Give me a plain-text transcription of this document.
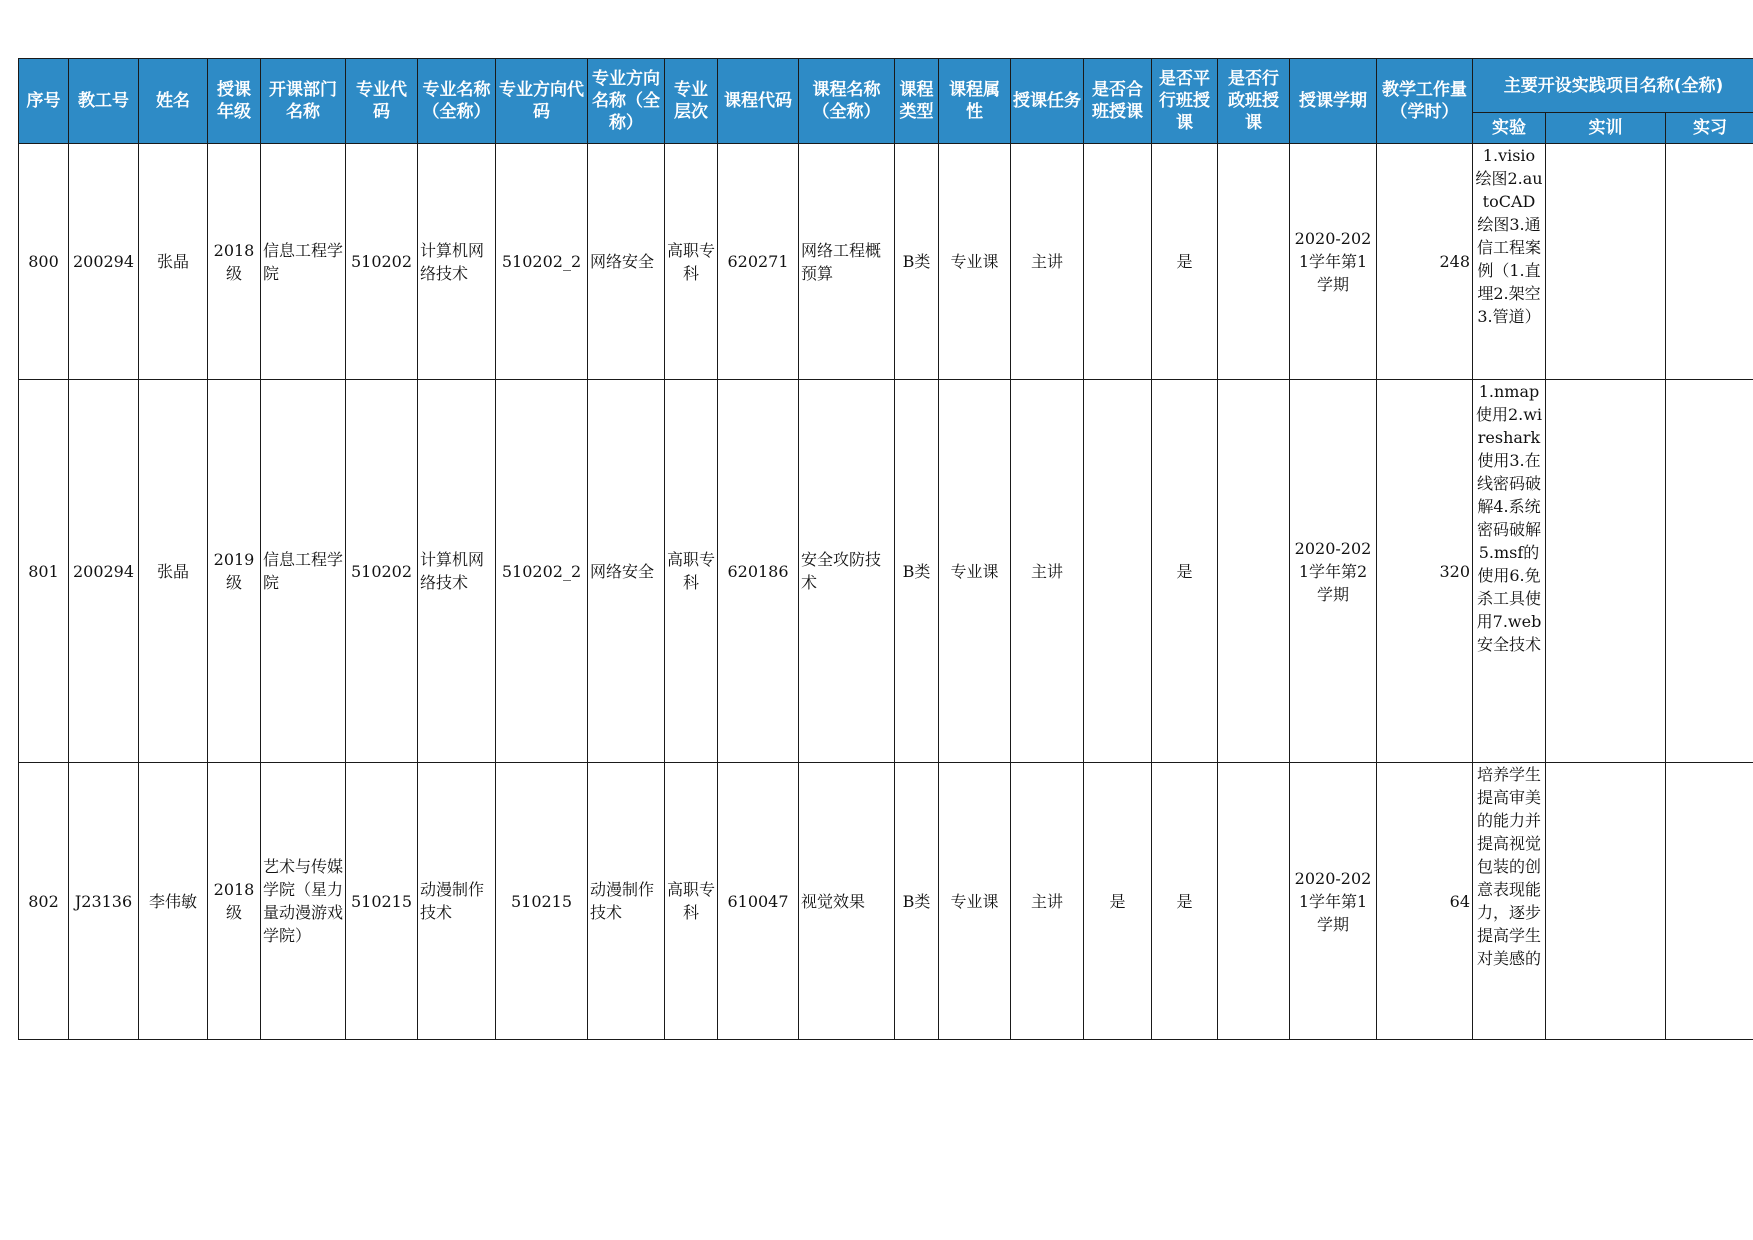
序号	教工号	姓名	授课年级	开课部门名称	专业代码	专业名称（全称）	专业方向代码	专业方向名称（全称）	专业层次	课程代码	课程名称（全称）	课程类型	课程属性	授课任务	是否合班授课	是否平行班授课	是否行政班授课	授课学期	教学工作量（学时）	主要开设实践项目名称(全称)		
																				实验	实训	实习
800	200294	张晶	2018级	信息工程学院	510202	计算机网络技术	510202_2	网络安全	高职专科	620271	网络工程概预算	B类	专业课	主讲		是		2020-2021学年第1学期	248	1.visio绘图2.autoCAD绘图3.通信工程案例（1.直埋2.架空3.管道）		

801	200294	张晶	2019级	信息工程学院	510202	计算机网络技术	510202_2	网络安全	高职专科	620186	安全攻防技术	B类	专业课	主讲		是		2020-2021学年第2学期	320	1.nmap使用2.wireshark使用3.在线密码破解4.系统密码破解5.msf的使用6.免杀工具使用7.web安全技术		

802	J23136	李伟敏	2018级	艺术与传媒学院（星力量动漫游戏学院）	510215	动漫制作技术	510215	动漫制作技术	高职专科	610047	视觉效果	B类	专业课	主讲	是	是		2020-2021学年第1学期	64	培养学生提高审美的能力并提高视觉包装的创意表现能力，逐步提高学生对美感的		
